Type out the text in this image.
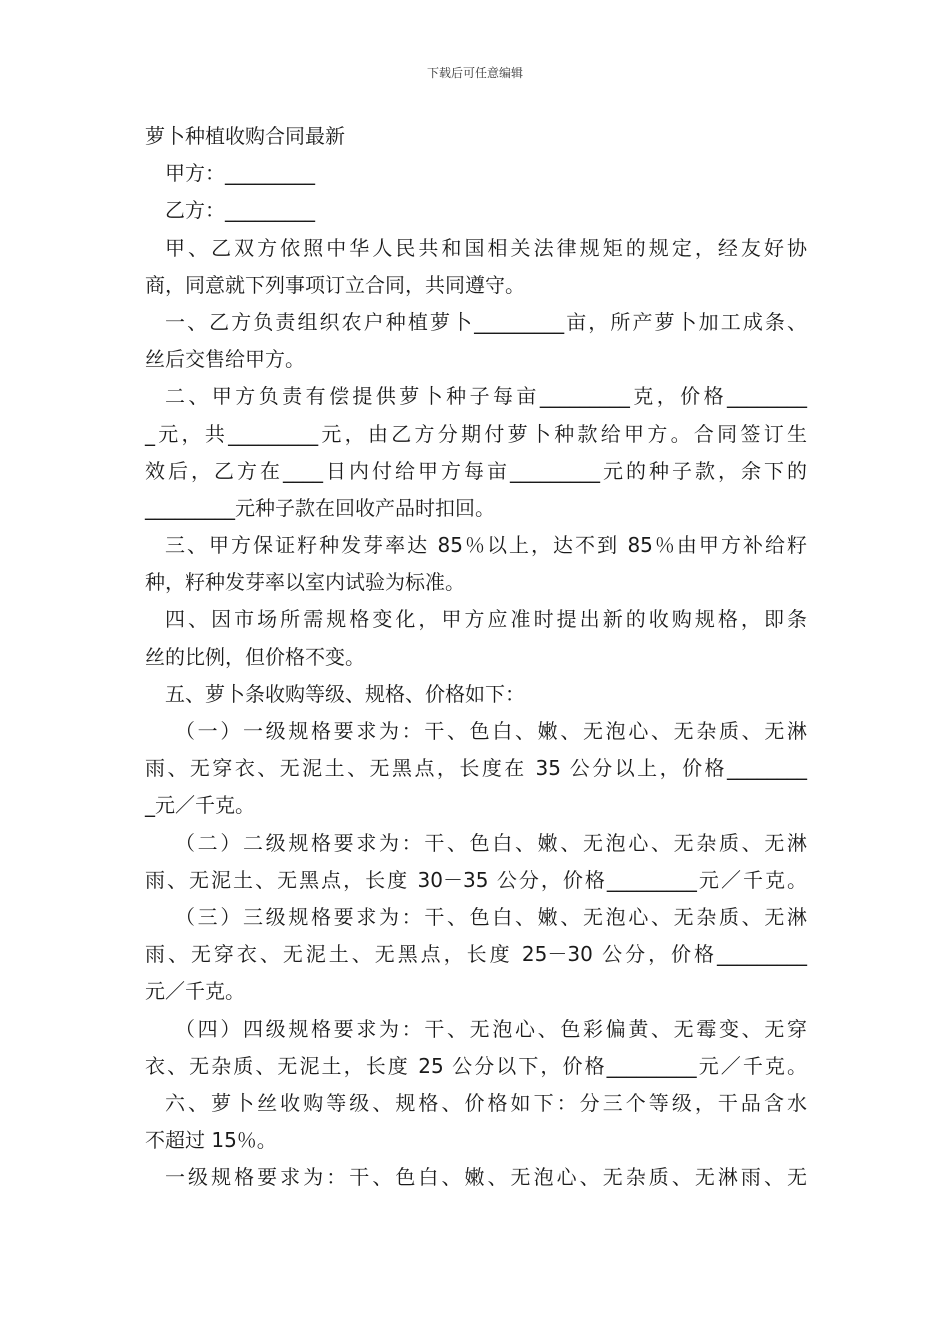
下载后可任意编辑
萝卜种植收购合同最新
甲方：_________
乙方：_________
甲、乙双方依照中华人民共和国相关法律规矩的规定，经友好协
商，同意就下列事项订立合同，共同遵守。
一、乙方负责组织农户种植萝卜_________亩，所产萝卜加工成条、
丝后交售给甲方。
二、甲方负责有偿提供萝卜种子每亩_________克，价格________
_元，共_________元，由乙方分期付萝卜种款给甲方。合同签订生
效后，乙方在____日内付给甲方每亩_________元的种子款，余下的
_________元种子款在回收产品时扣回。
三、甲方保证籽种发芽率达 85％以上，达不到 85％由甲方补给籽
种，籽种发芽率以室内试验为标准。
四、因市场所需规格变化，甲方应准时提出新的收购规格，即条
丝的比例，但价格不变。
五、萝卜条收购等级、规格、价格如下：
（一）一级规格要求为：干、色白、嫩、无泡心、无杂质、无淋
雨、无穿衣、无泥土、无黑点，长度在 35 公分以上，价格________
_元／千克。
（二）二级规格要求为：干、色白、嫩、无泡心、无杂质、无淋
雨、无泥土、无黑点，长度 30－35 公分，价格_________元／千克。
（三）三级规格要求为：干、色白、嫩、无泡心、无杂质、无淋
雨、无穿衣、无泥土、无黑点，长度 25－30 公分，价格_________
元／千克。
（四）四级规格要求为：干、无泡心、色彩偏黄、无霉变、无穿
衣、无杂质、无泥土，长度 25 公分以下，价格_________元／千克。
六、萝卜丝收购等级、规格、价格如下：分三个等级，干品含水
不超过 15％。
一级规格要求为：干、色白、嫩、无泡心、无杂质、无淋雨、无
